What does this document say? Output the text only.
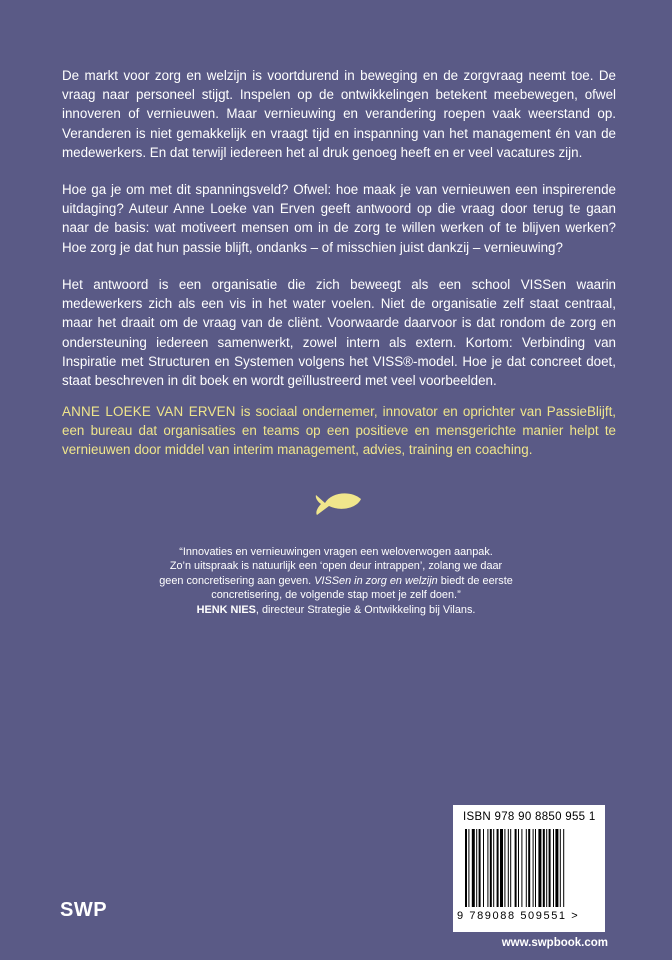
De markt voor zorg en welzijn is voortdurend in beweging en de zorgvraag neemt toe. De vraag naar personeel stijgt. Inspelen op de ontwikkelingen betekent meebewegen, ofwel innoveren of vernieuwen. Maar vernieuwing en verandering roepen vaak weerstand op. Veranderen is niet gemakkelijk en vraagt tijd en inspanning van het management én van de medewerkers. En dat terwijl iedereen het al druk genoeg heeft en er veel vacatures zijn.

Hoe ga je om met dit spanningsveld? Ofwel: hoe maak je van vernieuwen een inspirerende uitdaging? Auteur Anne Loeke van Erven geeft antwoord op die vraag door terug te gaan naar de basis: wat motiveert mensen om in de zorg te willen werken of te blijven werken? Hoe zorg je dat hun passie blijft, ondanks – of misschien juist dankzij – vernieuwing?

Het antwoord is een organisatie die zich beweegt als een school VISSen waarin medewerkers zich als een vis in het water voelen. Niet de organisatie zelf staat centraal, maar het draait om de vraag van de cliënt. Voorwaarde daarvoor is dat rondom de zorg en ondersteuning iedereen samenwerkt, zowel intern als extern. Kortom: Verbinding van Inspiratie met Structuren en Systemen volgens het VISS®-model. Hoe je dat concreet doet, staat beschreven in dit boek en wordt geïllustreerd met veel voorbeelden.

ANNE LOEKE VAN ERVEN is sociaal ondernemer, innovator en oprichter van PassieBlijft, een bureau dat organisaties en teams op een positieve en mensgerichte manier helpt te vernieuwen door middel van interim management, advies, training en coaching.

“Innovaties en vernieuwingen vragen een weloverwogen aanpak.
Zo’n uitspraak is natuurlijk een ‘open deur intrappen’, zolang we daar
geen concretisering aan geven. VISSen in zorg en welzijn biedt de eerste
concretisering, de volgende stap moet je zelf doen.”
HENK NIES, directeur Strategie & Ontwikkeling bij Vilans.

ISBN 978 90 8850 955 1
9 789088 509551 >
SWP
www.swpbook.com
